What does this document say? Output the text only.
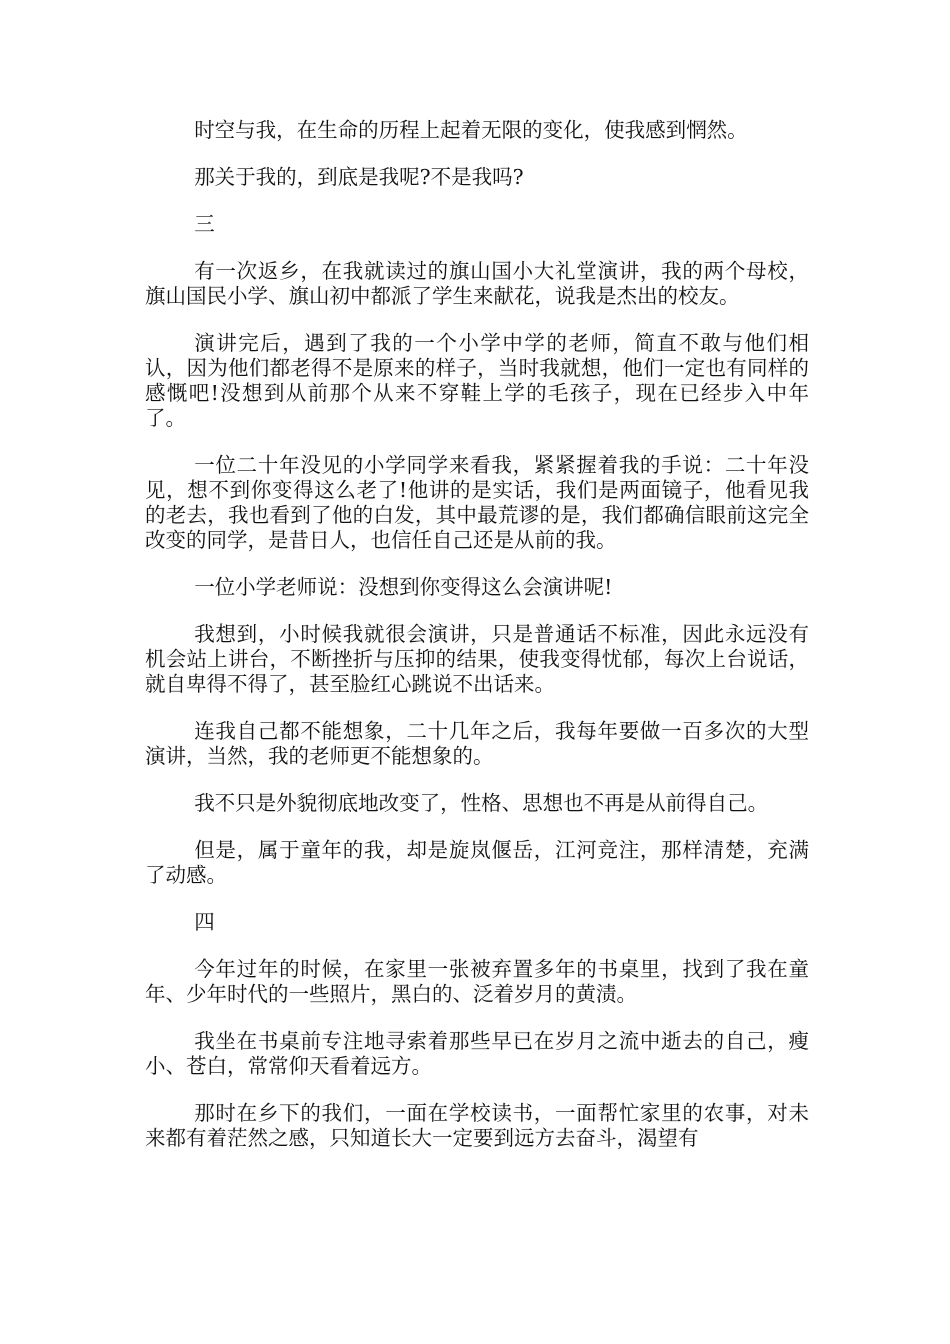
时空与我，在生命的历程上起着无限的变化，使我感到惘然。

那关于我的，到底是我呢?不是我吗?

三

有一次返乡，在我就读过的旗山国小大礼堂演讲，我的两个母校，旗山国民小学、旗山初中都派了学生来献花，说我是杰出的校友。

演讲完后，遇到了我的一个小学中学的老师，简直不敢与他们相认，因为他们都老得不是原来的样子，当时我就想，他们一定也有同样的感慨吧!没想到从前那个从来不穿鞋上学的毛孩子，现在已经步入中年了。

一位二十年没见的小学同学来看我，紧紧握着我的手说：二十年没见，想不到你变得这么老了!他讲的是实话，我们是两面镜子，他看见我的老去，我也看到了他的白发，其中最荒谬的是，我们都确信眼前这完全改变的同学，是昔日人，也信任自己还是从前的我。

一位小学老师说：没想到你变得这么会演讲呢!

我想到，小时候我就很会演讲，只是普通话不标准，因此永远没有机会站上讲台，不断挫折与压抑的结果，使我变得忧郁，每次上台说话，就自卑得不得了，甚至脸红心跳说不出话来。

连我自己都不能想象，二十几年之后，我每年要做一百多次的大型演讲，当然，我的老师更不能想象的。

我不只是外貌彻底地改变了，性格、思想也不再是从前得自己。

但是，属于童年的我，却是旋岚偃岳，江河竞注，那样清楚，充满了动感。

四

今年过年的时候，在家里一张被弃置多年的书桌里，找到了我在童年、少年时代的一些照片，黑白的、泛着岁月的黄渍。

我坐在书桌前专注地寻索着那些早已在岁月之流中逝去的自己，瘦小、苍白，常常仰天看着远方。

那时在乡下的我们，一面在学校读书，一面帮忙家里的农事，对未来都有着茫然之感，只知道长大一定要到远方去奋斗，渴望有
